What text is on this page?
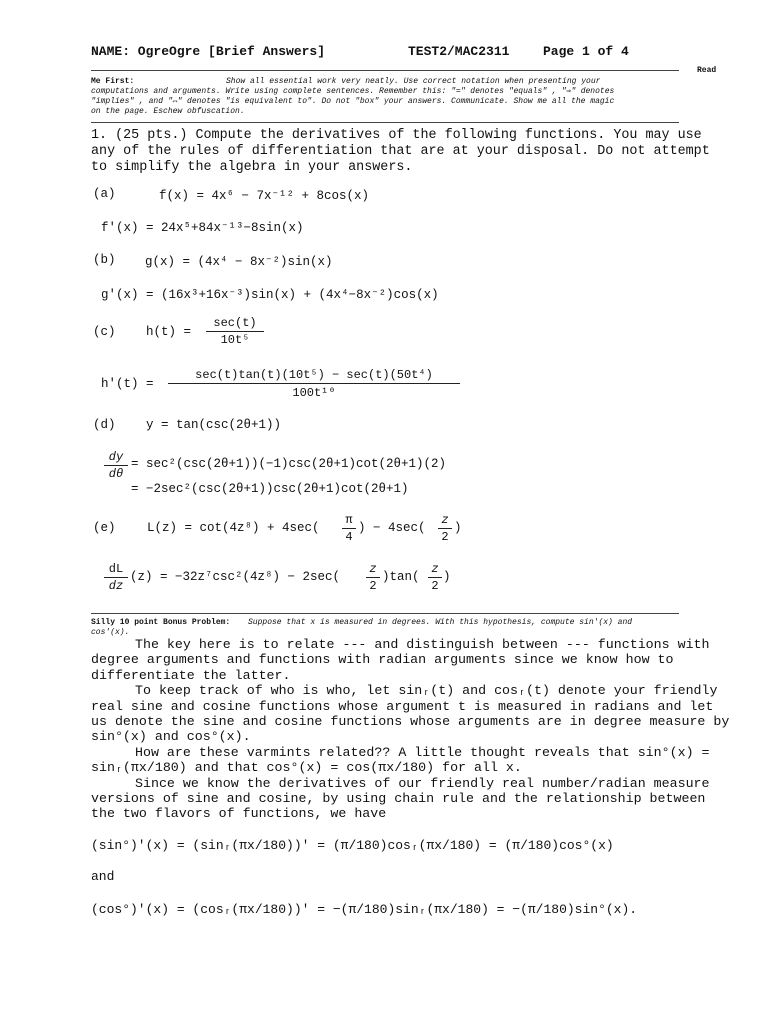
NAME: OgreOgre [Brief Answers]	TEST2/MAC2311	Page 1 of 4
Read
Me First:	Show all essential work very neatly. Use correct notation when presenting your
computations and arguments. Write using complete sentences. Remember this: "=" denotes "equals" , "⇒" denotes
"implies" , and "⇔" denotes "is equivalent to". Do not "box" your answers. Communicate. Show me all the magic
on the page. Eschew obfuscation.
1. (25 pts.) Compute the derivatives of the following functions. You may use any of the rules of differentiation that are at your disposal. Do not attempt to simplify the algebra in your answers.
(a)	f(x) = 4x⁶ − 7x⁻¹² + 8cos(x)
f′(x) = 24x⁵+84x⁻¹³−8sin(x)
(b) g(x) = (4x⁴ − 8x⁻²)sin(x)
g′(x) = (16x³+16x⁻³)sin(x) + (4x⁴−8x⁻²)cos(x)
(c) h(t) =
sec(t)
10t⁵
h′(t) =
sec(t)tan(t)(10t⁵) − sec(t)(50t⁴)
100t¹⁰
(d) y = tan(csc(2θ+1))
dy
dθ
= sec²(csc(2θ+1))(−1)csc(2θ+1)cot(2θ+1)(2)
= −2sec²(csc(2θ+1))csc(2θ+1)cot(2θ+1)
(e)	L(z) = cot(4z⁸) + 4sec(
π
4
) − 4sec(
z
2
)
dL
dz
(z) = −32z⁷csc²(4z⁸) − 2sec(
z
2
)tan(
z
2
)
Silly 10 point Bonus Problem: Suppose that x is measured in degrees. With this hypothesis, compute sin′(x) and
cos′(x).
The key here is to relate --- and distinguish between --- functions with degree arguments and functions with radian arguments since we know how to differentiate the latter.
To keep track of who is who, let sinᵣ(t) and cosᵣ(t) denote your friendly real sine and cosine functions whose argument t is measured in radians and let us denote the sine and cosine functions whose arguments are in degree measure by sin°(x) and cos°(x).
How are these varmints related?? A little thought reveals that sin°(x) = sinᵣ(πx/180) and that cos°(x) = cos(πx/180) for all x.
Since we know the derivatives of our friendly real number/radian measure versions of sine and cosine, by using chain rule and the relationship between the two flavors of functions, we have
(sin°)′(x) = (sinᵣ(πx/180))′ = (π/180)cosᵣ(πx/180) = (π/180)cos°(x)
and
(cos°)′(x) = (cosᵣ(πx/180))′ = −(π/180)sinᵣ(πx/180) = −(π/180)sin°(x).
